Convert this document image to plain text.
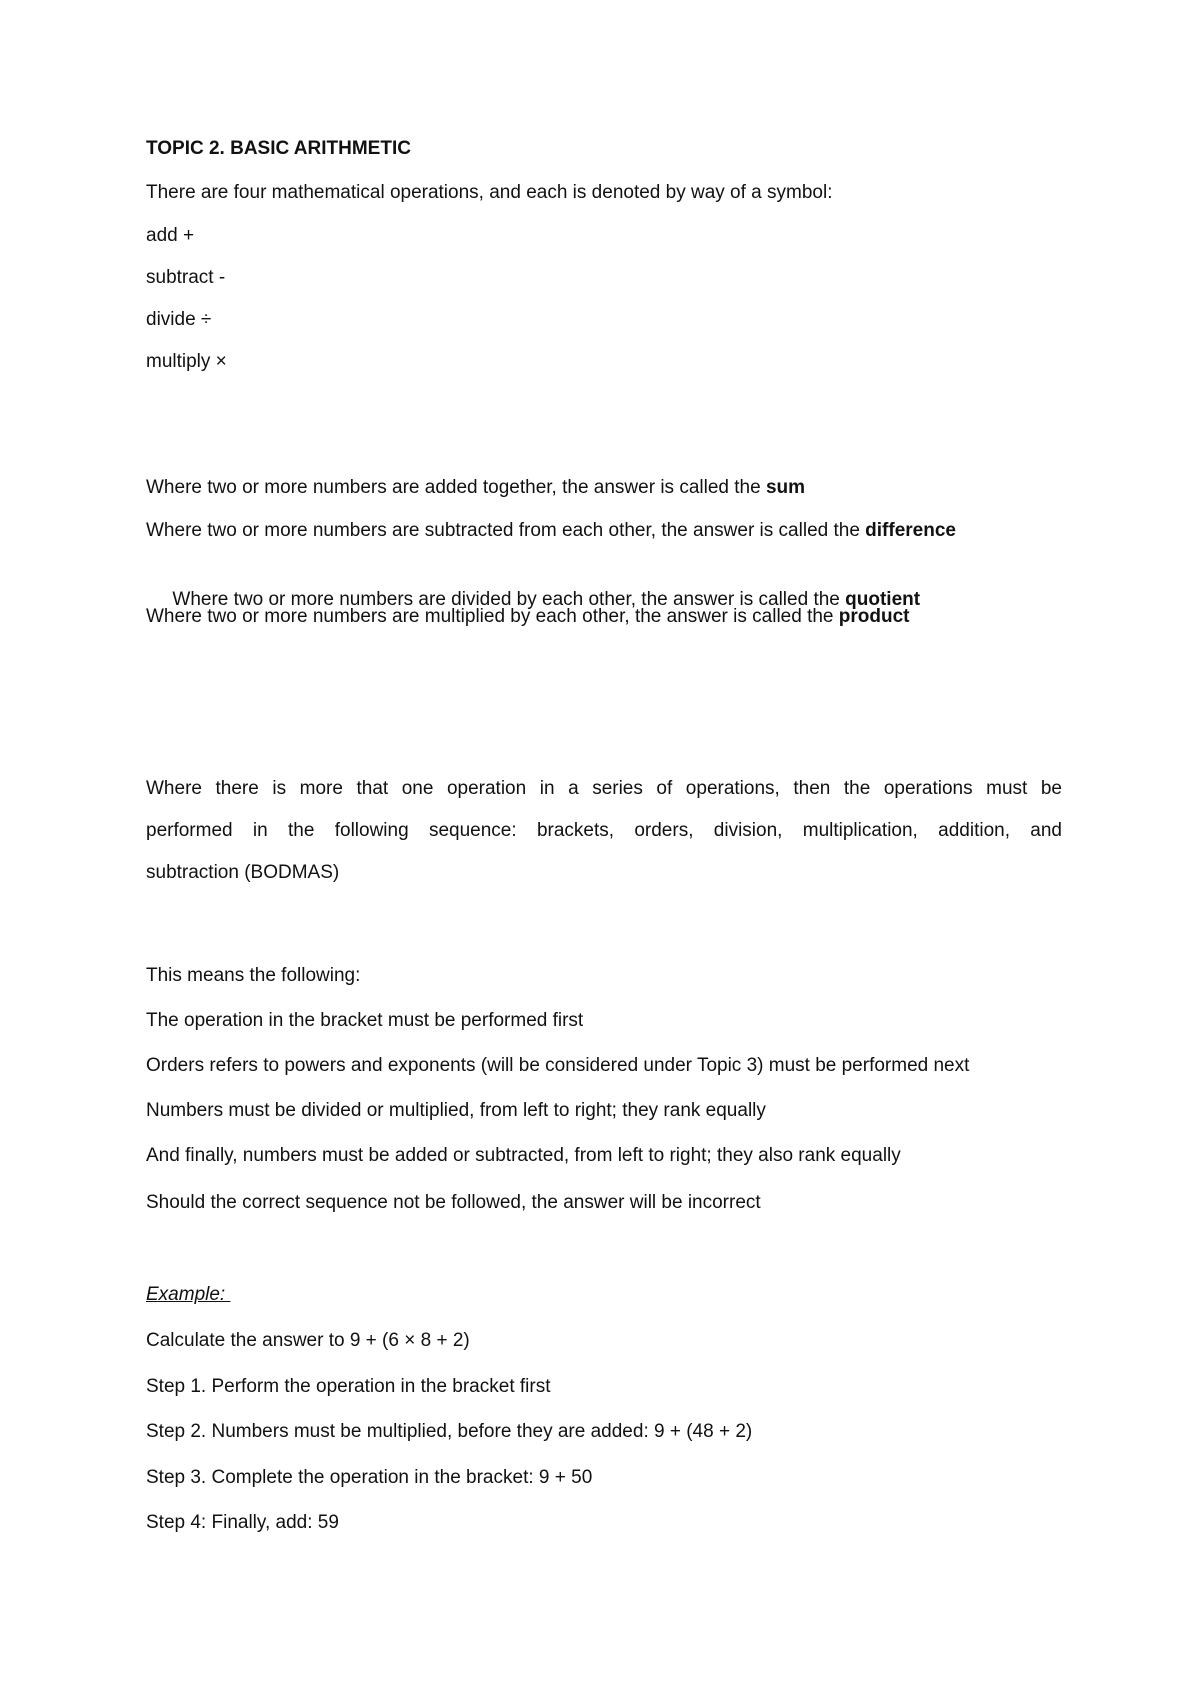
TOPIC 2. BASIC ARITHMETIC
There are four mathematical operations, and each is denoted by way of a symbol:
add +
subtract -
divide ÷
multiply ×
Where two or more numbers are added together, the answer is called the sum
Where two or more numbers are subtracted from each other, the answer is called the difference

Where two or more numbers are divided by each other, the answer is called the quotient

Where two or more numbers are multiplied by each other, the answer is called the product
Where there is more that one operation in a series of operations, then the operations must be
performed in the following sequence: brackets, orders, division, multiplication, addition, and
subtraction (BODMAS)
This means the following:
The operation in the bracket must be performed first
Orders refers to powers and exponents (will be considered under Topic 3) must be performed next
Numbers must be divided or multiplied, from left to right; they rank equally
And finally, numbers must be added or subtracted, from left to right; they also rank equally
Should the correct sequence not be followed, the answer will be incorrect
Example:
Calculate the answer to 9 + (6 × 8 + 2)
Step 1. Perform the operation in the bracket first
Step 2. Numbers must be multiplied, before they are added: 9 + (48 + 2)
Step 3. Complete the operation in the bracket: 9 + 50
Step 4: Finally, add: 59
